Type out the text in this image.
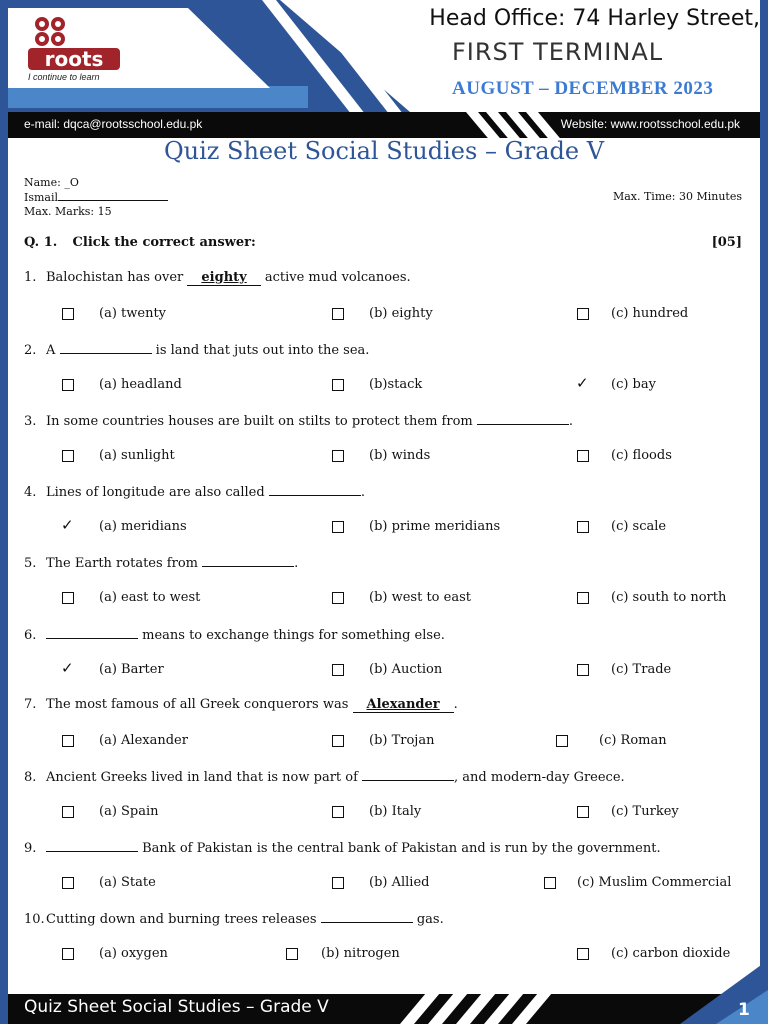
roots
I continue to learn
Head Office: 74 Harley Street,
FIRST TERMINAL
AUGUST – DECEMBER 2023
e-mail: dqca@rootsschool.edu.pk	Website: www.rootsschool.edu.pk
Quiz Sheet Social Studies – Grade V
Name: _O
Ismail
Max. Marks: 15
Max. Time: 30 Minutes
Q. 1. Click the correct answer:	[05]
1. Balochistan has over eighty active mud volcanoes.
(a) twenty	(b) eighty	(c) hundred
2. A	is land that juts out into the sea.
(a) headland	(b)stack	✓ (c) bay
3. In some countries houses are built on stilts to protect them from	.
(a) sunlight	(b) winds	(c) floods
4. Lines of longitude are also called	.
✓ (a) meridians	(b) prime meridians	(c) scale
5. The Earth rotates from	.
(a) east to west	(b) west to east	(c) south to north
6.	means to exchange things for something else.
✓ (a) Barter	(b) Auction	(c) Trade
7. The most famous of all Greek conquerors was Alexander .
(a) Alexander	(b) Trojan	(c) Roman
8. Ancient Greeks lived in land that is now part of	, and modern-day Greece.
(a) Spain	(b) Italy	(c) Turkey
9.	Bank of Pakistan is the central bank of Pakistan and is run by the government.
(a) State	(b) Allied	(c) Muslim Commercial
10.Cutting down and burning trees releases	gas.
(a) oxygen	(b) nitrogen	(c) carbon dioxide
Quiz Sheet Social Studies – Grade V	1
